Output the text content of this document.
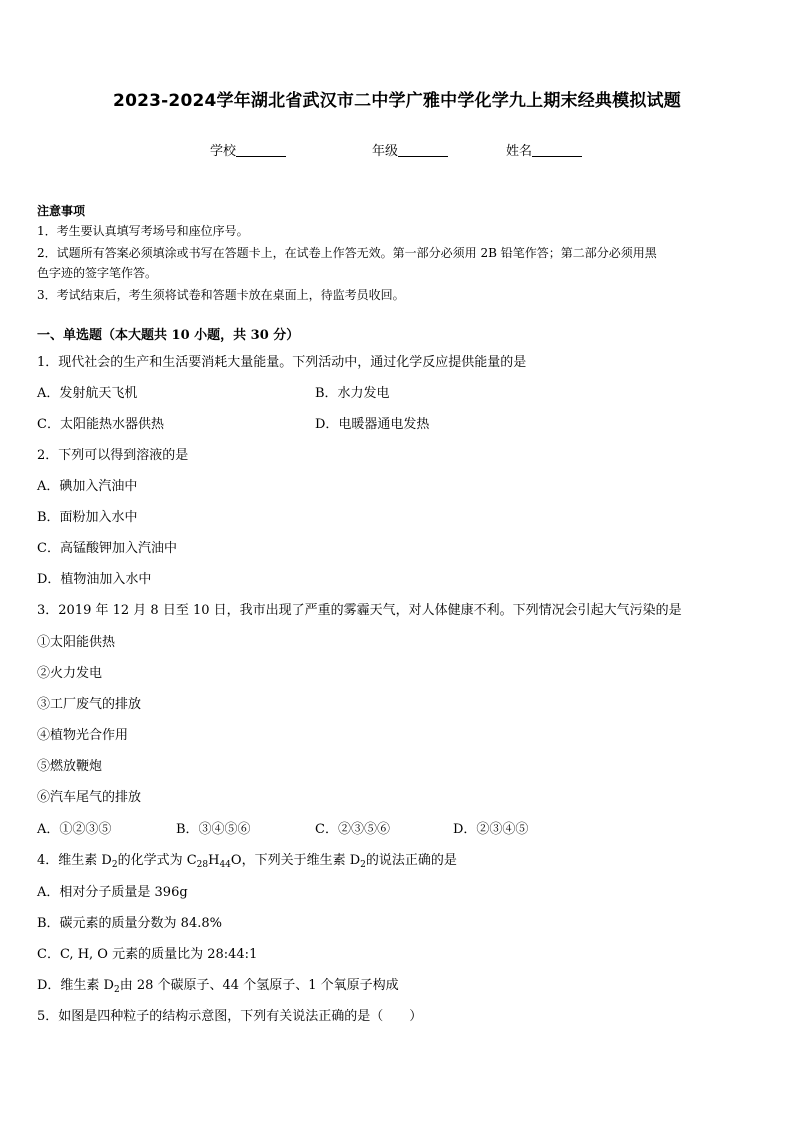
2023-2024学年湖北省武汉市二中学广雅中学化学九上期末经典模拟试题
学校	年级	姓名
注意事项
1．考生要认真填写考场号和座位序号。
2．试题所有答案必须填涂或书写在答题卡上，在试卷上作答无效。第一部分必须用 2B 铅笔作答；第二部分必须用黑
色字迹的签字笔作答。
3．考试结束后，考生须将试卷和答题卡放在桌面上，待监考员收回。
一、单选题（本大题共 10 小题，共 30 分）
1．现代社会的生产和生活要消耗大量能量。下列活动中，通过化学反应提供能量的是
A．发射航天飞机	B．水力发电
C．太阳能热水器供热	D．电暖器通电发热
2．下列可以得到溶液的是
A．碘加入汽油中
B．面粉加入水中
C．高锰酸钾加入汽油中
D．植物油加入水中
3．2019 年 12 月 8 日至 10 日，我市出现了严重的雾霾天气，对人体健康不利。下列情况会引起大气污染的是
①太阳能供热
②火力发电
③工厂废气的排放
④植物光合作用
⑤燃放鞭炮
⑥汽车尾气的排放
A．①②③⑤	B．③④⑤⑥	C．②③⑤⑥	D．②③④⑤
4．维生素 $D_2$的化学式为 $C_{28}H_{44}O$，下列关于维生素 $D_2$的说法正确的是
A．相对分子质量是 396g
B．碳元素的质量分数为 84.8%
C．C, H, O 元素的质量比为 28:44:1
D．维生素 $D_2$由 28 个碳原子、44 个氢原子、1 个氧原子构成
5．如图是四种粒子的结构示意图，下列有关说法正确的是（　　）
